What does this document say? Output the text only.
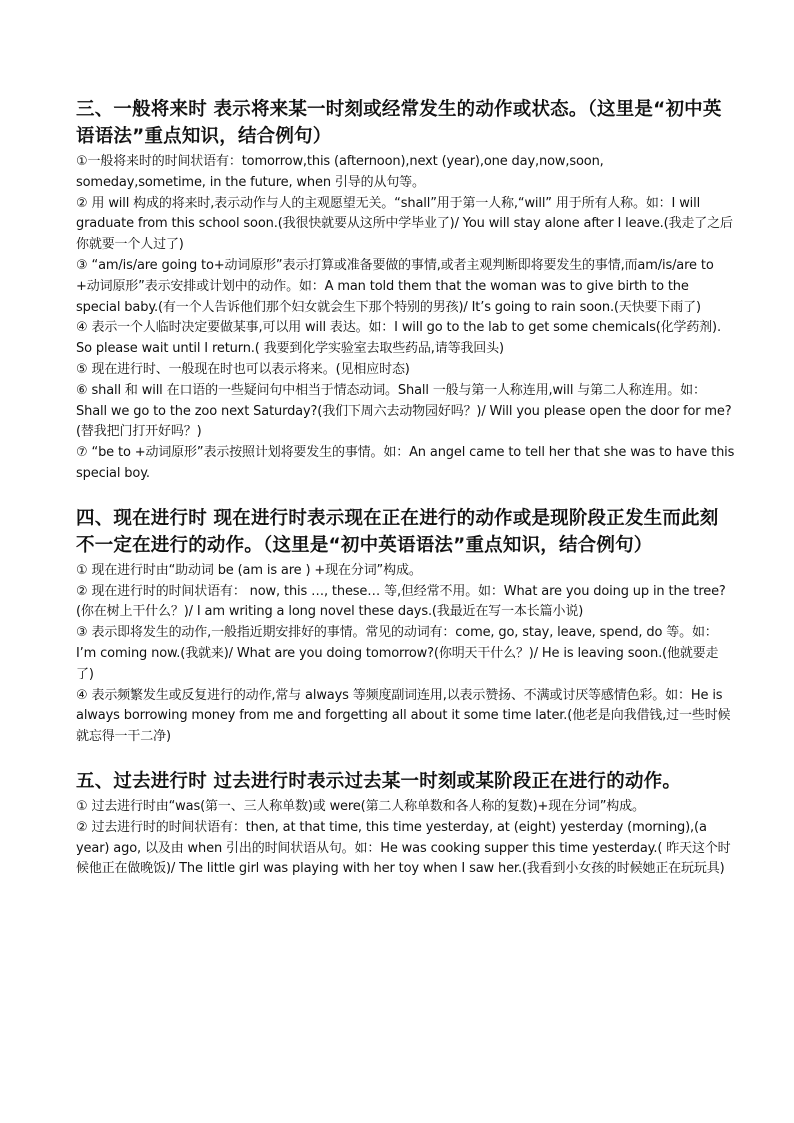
三、一般将来时 表示将来某一时刻或经常发生的动作或状态。（这里是“初中英语语法”重点知识，结合例句）

①一般将来时的时间状语有：tomorrow,this (afternoon),next (year),one day,now,soon, someday,sometime, in the future, when 引导的从句等。

② 用 will 构成的将来时,表示动作与人的主观愿望无关。“shall”用于第一人称,“will” 用于所有人称。如：I will graduate from this school soon.(我很快就要从这所中学毕业了)/ You will stay alone after I leave.(我走了之后你就要一个人过了)

③ “am/is/are going to+动词原形”表示打算或准备要做的事情,或者主观判断即将要发生的事情,而am/is/are to +动词原形”表示安排或计划中的动作。如：A man told them that the woman was to give birth to the special baby.(有一个人告诉他们那个妇女就会生下那个特别的男孩)/ It’s going to rain soon.(天快要下雨了)

④ 表示一个人临时决定要做某事,可以用 will 表达。如：I will go to the lab to get some chemicals(化学药剂). So please wait until I return.( 我要到化学实验室去取些药品,请等我回头)

⑤ 现在进行时、一般现在时也可以表示将来。(见相应时态)

⑥ shall 和 will 在口语的一些疑问句中相当于情态动词。Shall 一般与第一人称连用,will 与第二人称连用。如：Shall we go to the zoo next Saturday?(我们下周六去动物园好吗？)/ Will you please open the door for me?(替我把门打开好吗？)

⑦ “be to +动词原形”表示按照计划将要发生的事情。如：An angel came to tell her that she was to have this special boy.

四、现在进行时 现在进行时表示现在正在进行的动作或是现阶段正发生而此刻不一定在进行的动作。（这里是“初中英语语法”重点知识，结合例句）

① 现在进行时由“助动词 be (am is are ) +现在分词”构成。

② 现在进行时的时间状语有： now, this …, these… 等,但经常不用。如：What are you doing up in the tree?(你在树上干什么？)/ I am writing a long novel these days.(我最近在写一本长篇小说)

③ 表示即将发生的动作,一般指近期安排好的事情。常见的动词有：come, go, stay, leave, spend, do 等。如：I’m coming now.(我就来)/ What are you doing tomorrow?(你明天干什么？)/ He is leaving soon.(他就要走了)

④ 表示频繁发生或反复进行的动作,常与 always 等频度副词连用,以表示赞扬、不满或讨厌等感情色彩。如：He is always borrowing money from me and forgetting all about it some time later.(他老是向我借钱,过一些时候就忘得一干二净)

五、过去进行时 过去进行时表示过去某一时刻或某阶段正在进行的动作。

① 过去进行时由“was(第一、三人称单数)或 were(第二人称单数和各人称的复数)+现在分词”构成。

② 过去进行时的时间状语有：then, at that time, this time yesterday, at (eight) yesterday (morning),(a year) ago, 以及由 when 引出的时间状语从句。如：He was cooking supper this time yesterday.( 昨天这个时候他正在做晚饭)/ The little girl was playing with her toy when I saw her.(我看到小女孩的时候她正在玩玩具)
